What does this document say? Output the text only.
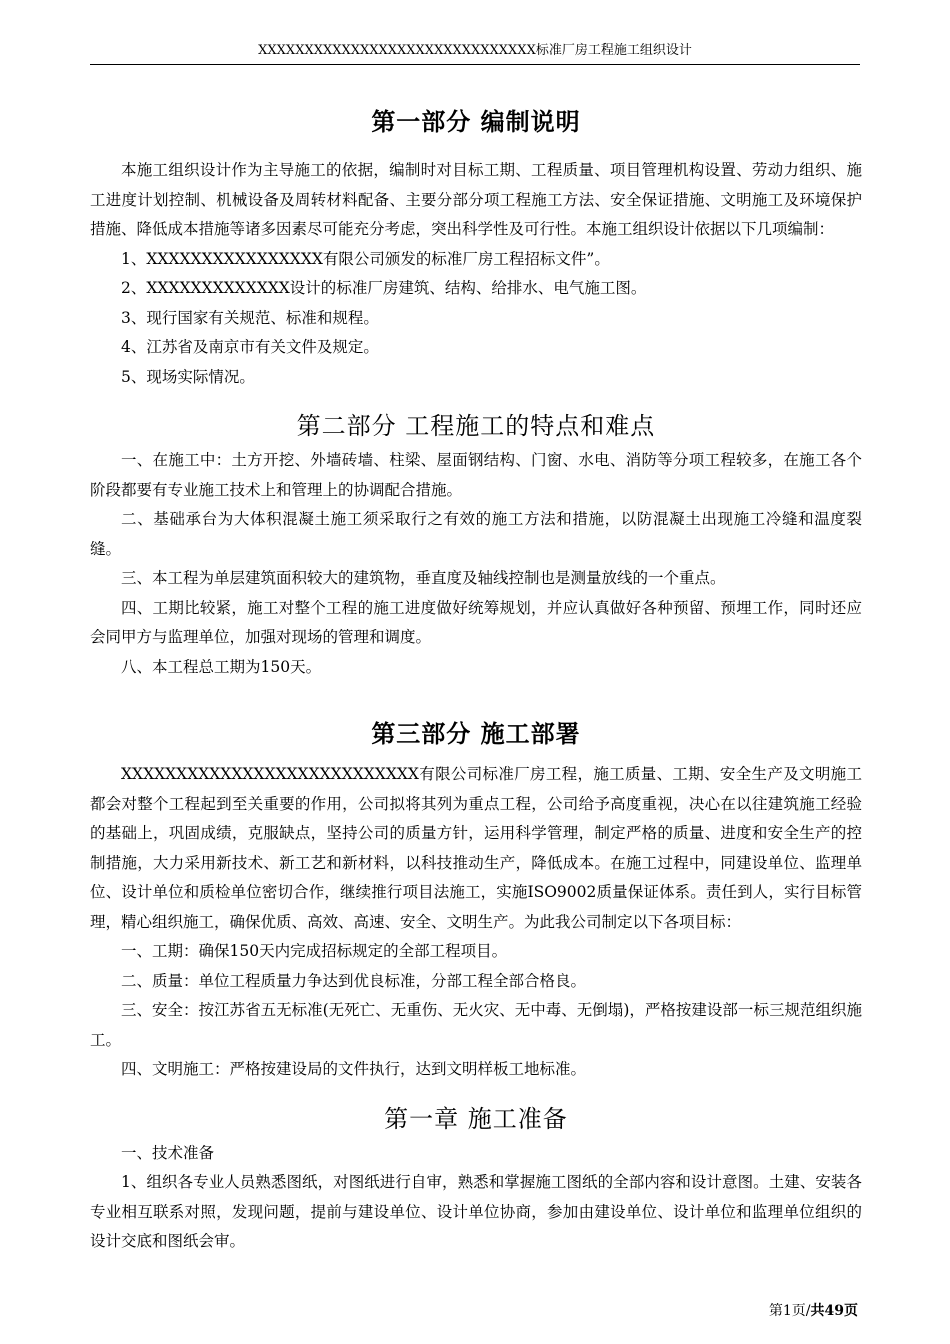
XXXXXXXXXXXXXXXXXXXXXXXXXXXXXX标准厂房工程施工组织设计
第一部分 编制说明

本施工组织设计作为主导施工的依据，编制时对目标工期、工程质量、项目管理机构设置、劳动力组织、施工进度计划控制、机械设备及周转材料配备、主要分部分项工程施工方法、安全保证措施、文明施工及环境保护措施、降低成本措施等诸多因素尽可能充分考虑，突出科学性及可行性。本施工组织设计依据以下几项编制：

1、XXXXXXXXXXXXXXXX有限公司颁发的标准厂房工程招标文件”。

2、XXXXXXXXXXXXX设计的标准厂房建筑、结构、给排水、电气施工图。

3、现行国家有关规范、标准和规程。

4、江苏省及南京市有关文件及规定。

5、现场实际情况。

第二部分 工程施工的特点和难点

一、在施工中：土方开挖、外墙砖墙、柱梁、屋面钢结构、门窗、水电、消防等分项工程较多，在施工各个阶段都要有专业施工技术上和管理上的协调配合措施。

二、基础承台为大体积混凝土施工须采取行之有效的施工方法和措施，以防混凝土出现施工冷缝和温度裂缝。

三、本工程为单层建筑面积较大的建筑物，垂直度及轴线控制也是测量放线的一个重点。

四、工期比较紧，施工对整个工程的施工进度做好统筹规划，并应认真做好各种预留、预埋工作，同时还应会同甲方与监理单位，加强对现场的管理和调度。

八、本工程总工期为150天。

第三部分 施工部署

XXXXXXXXXXXXXXXXXXXXXXXXXXX有限公司标准厂房工程，施工质量、工期、安全生产及文明施工都会对整个工程起到至关重要的作用，公司拟将其列为重点工程，公司给予高度重视，决心在以往建筑施工经验的基础上，巩固成绩，克服缺点，坚持公司的质量方针，运用科学管理，制定严格的质量、进度和安全生产的控制措施，大力采用新技术、新工艺和新材料，以科技推动生产，降低成本。在施工过程中，同建设单位、监理单位、设计单位和质检单位密切合作，继续推行项目法施工，实施ISO9002质量保证体系。责任到人，实行目标管理，精心组织施工，确保优质、高效、高速、安全、文明生产。为此我公司制定以下各项目标：

一、工期：确保150天内完成招标规定的全部工程项目。

二、质量：单位工程质量力争达到优良标准，分部工程全部合格良。

三、安全：按江苏省五无标准(无死亡、无重伤、无火灾、无中毒、无倒塌)，严格按建设部一标三规范组织施工。

四、文明施工：严格按建设局的文件执行，达到文明样板工地标准。

第一章 施工准备

一、技术准备

1、组织各专业人员熟悉图纸，对图纸进行自审，熟悉和掌握施工图纸的全部内容和设计意图。土建、安装各专业相互联系对照，发现问题，提前与建设单位、设计单位协商，参加由建设单位、设计单位和监理单位组织的设计交底和图纸会审。

第1页/共49页
